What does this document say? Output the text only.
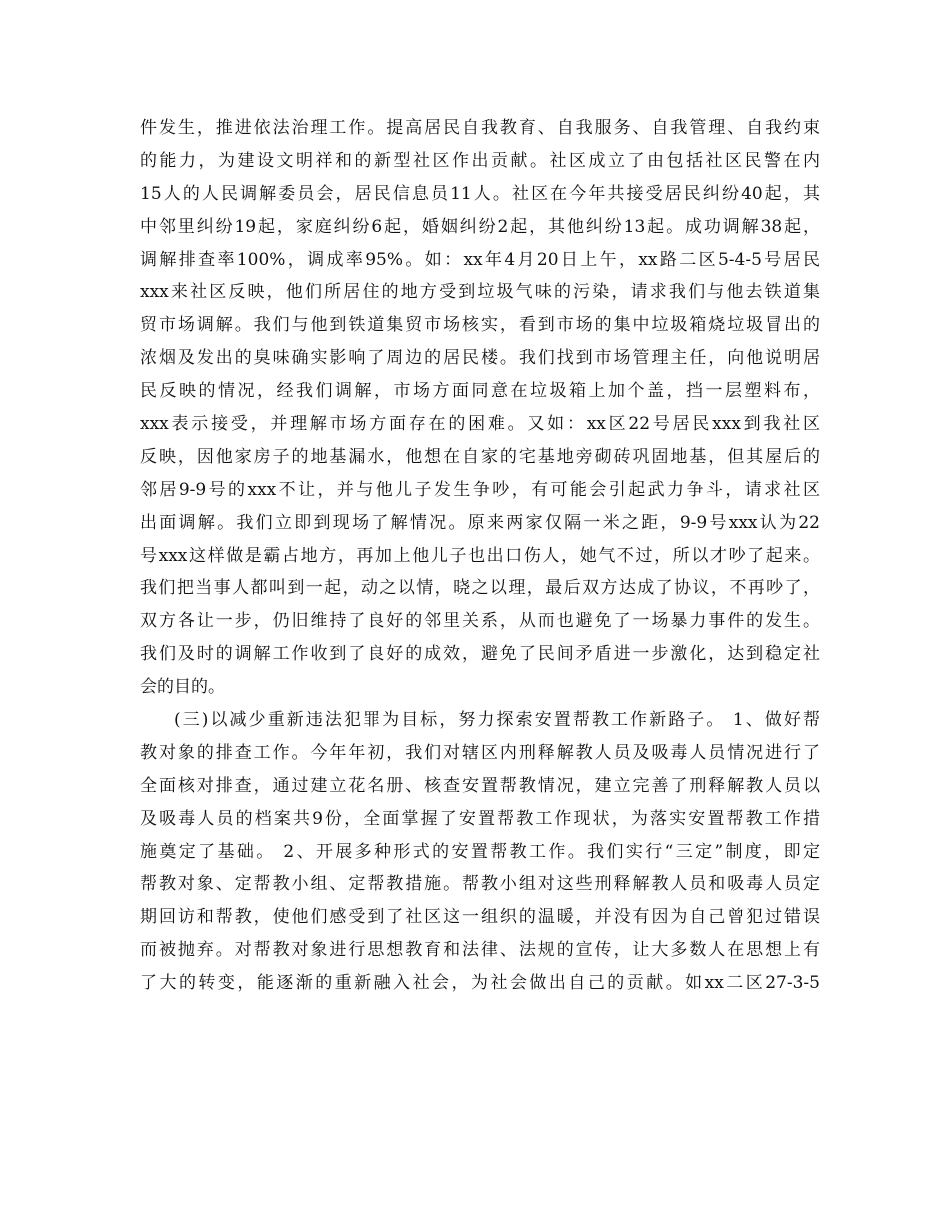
件发生，推进依法治理工作。提高居民自我教育、自我服务、自我管理、自我约束
的能力，为建设文明祥和的新型社区作出贡献。社区成立了由包括社区民警在内
15人的人民调解委员会，居民信息员11人。社区在今年共接受居民纠纷40起，其
中邻里纠纷19起，家庭纠纷6起，婚姻纠纷2起，其他纠纷13起。成功调解38起，
调解排查率100%，调成率95%。如：xx年4月20日上午，xx路二区5-4-5号居民
xxx来社区反映，他们所居住的地方受到垃圾气味的污染，请求我们与他去铁道集
贸市场调解。我们与他到铁道集贸市场核实，看到市场的集中垃圾箱烧垃圾冒出的
浓烟及发出的臭味确实影响了周边的居民楼。我们找到市场管理主任，向他说明居
民反映的情况，经我们调解，市场方面同意在垃圾箱上加个盖，挡一层塑料布，
xxx表示接受，并理解市场方面存在的困难。又如：xx区22号居民xxx到我社区
反映，因他家房子的地基漏水，他想在自家的宅基地旁砌砖巩固地基，但其屋后的
邻居9-9号的xxx不让，并与他儿子发生争吵，有可能会引起武力争斗，请求社区
出面调解。我们立即到现场了解情况。原来两家仅隔一米之距，9-9号xxx认为22
号xxx这样做是霸占地方，再加上他儿子也出口伤人，她气不过，所以才吵了起来。
我们把当事人都叫到一起，动之以情，晓之以理，最后双方达成了协议，不再吵了，
双方各让一步，仍旧维持了良好的邻里关系，从而也避免了一场暴力事件的发生。
我们及时的调解工作收到了良好的成效，避免了民间矛盾进一步激化，达到稳定社
会的目的。
(三)以减少重新违法犯罪为目标，努力探索安置帮教工作新路子。 1、做好帮
教对象的排查工作。今年年初，我们对辖区内刑释解教人员及吸毒人员情况进行了
全面核对排查，通过建立花名册、核查安置帮教情况，建立完善了刑释解教人员以
及吸毒人员的档案共9份，全面掌握了安置帮教工作现状，为落实安置帮教工作措
施奠定了基础。 2、开展多种形式的安置帮教工作。我们实行“三定”制度，即定
帮教对象、定帮教小组、定帮教措施。帮教小组对这些刑释解教人员和吸毒人员定
期回访和帮教，使他们感受到了社区这一组织的温暖，并没有因为自己曾犯过错误
而被抛弃。对帮教对象进行思想教育和法律、法规的宣传，让大多数人在思想上有
了大的转变，能逐渐的重新融入社会，为社会做出自己的贡献。如xx二区27-3-5
